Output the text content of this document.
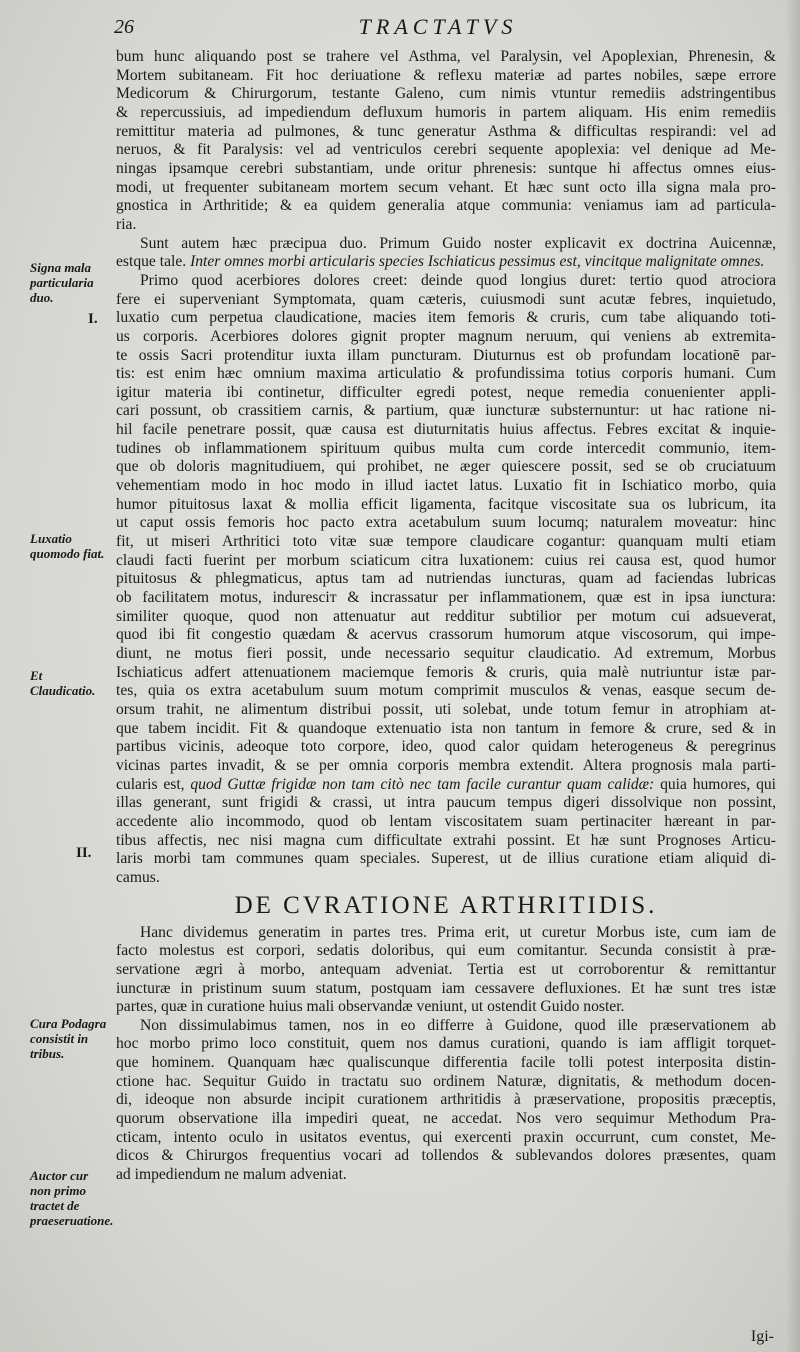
26	TRACTATVS
Signa mala particularia duo.
I.
Luxatio quomodo fiat.
Et Claudicatio.
II.
Cura Podagra consistit in tribus.
Auctor cur non primo tractet de praeseruatione.
bum hunc aliquando post se trahere vel Asthma, vel Paralysin, vel Apoplexian, Phrenesin, &
Mortem subitaneam. Fit hoc deriuatione & reflexu materiæ ad partes nobiles, sæpe errore
Medicorum & Chirurgorum, testante Galeno, cum nimis vtuntur remediis adstringentibus
& repercussiuis, ad impediendum defluxum humoris in partem aliquam. His enim remediis
remittitur materia ad pulmones, & tunc generatur Asthma & difficultas respirandi: vel ad
neruos, & fit Paralysis: vel ad ventriculos cerebri sequente apoplexia: vel denique ad Me-
ningas ipsamque cerebri substantiam, unde oritur phrenesis: suntque hi affectus omnes eius-
modi, ut frequenter subitaneam mortem secum vehant. Et hæc sunt octo illa signa mala pro-
gnostica in Arthritide; & ea quidem generalia atque communia: veniamus iam ad particula-
ria.
Sunt autem hæc præcipua duo. Primum Guido noster explicavit ex doctrina Auicennæ,
estque tale. Inter omnes morbi articularis species Ischiaticus pessimus est, vincitque malignitate omnes.
Primo quod acerbiores dolores creet: deinde quod longius duret: tertio quod atrociora
fere ei superveniant Symptomata, quam cæteris, cuiusmodi sunt acutæ febres, inquietudo,
luxatio cum perpetua claudicatione, macies item femoris & cruris, cum tabe aliquando toti-
us corporis. Acerbiores dolores gignit propter magnum neruum, qui veniens ab extremita-
te ossis Sacri protenditur iuxta illam puncturam. Diuturnus est ob profundam locationē par-
tis: est enim hæc omnium maxima articulatio & profundissima totius corporis humani. Cum
igitur materia ibi continetur, difficulter egredi potest, neque remedia conuenienter appli-
cari possunt, ob crassitiem carnis, & partium, quæ iuncturæ substernuntur: ut hac ratione ni-
hil facile penetrare possit, quæ causa est diuturnitatis huius affectus. Febres excitat & inquie-
tudines ob inflammationem spirituum quibus multa cum corde intercedit communio, item-
que ob doloris magnitudiuem, qui prohibet, ne æger quiescere possit, sed se ob cruciatuum
vehementiam modo in hoc modo in illud iactet latus. Luxatio fit in Ischiatico morbo, quia
humor pituitosus laxat & mollia efficit ligamenta, facitque viscositate sua os lubricum, ita
ut caput ossis femoris hoc pacto extra acetabulum suum locumq; naturalem moveatur: hinc
fit, ut miseri Arthritici toto vitæ suæ tempore claudicare cogantur: quanquam multi etiam
claudi facti fuerint per morbum sciaticum citra luxationem: cuius rei causa est, quod humor
pituitosus & phlegmaticus, aptus tam ad nutriendas iuncturas, quam ad faciendas lubricas
ob facilitatem motus, induresciт & incrassatur per inflammationem, quæ est in ipsa iunctura:
similiter quoque, quod non attenuatur aut redditur subtilior per motum cui adsueverat,
quod ibi fit congestio quædam & acervus crassorum humorum atque viscosorum, qui impe-
diunt, ne motus fieri possit, unde necessario sequitur claudicatio. Ad extremum, Morbus
Ischiaticus adfert attenuationem maciemque femoris & cruris, quia malè nutriuntur istæ par-
tes, quia os extra acetabulum suum motum comprimit musculos & venas, easque secum de-
orsum trahit, ne alimentum distribui possit, uti solebat, unde totum femur in atrophiam at-
que tabem incidit. Fit & quandoque extenuatio ista non tantum in femore & crure, sed & in
partibus vicinis, adeoque toto corpore, ideo, quod calor quidam heterogeneus & peregrinus
vicinas partes invadit, & se per omnia corporis membra extendit. Altera prognosis mala parti-
cularis est, quod Guttæ frigidæ non tam citò nec tam facile curantur quam calidæ: quia humores, qui
illas generant, sunt frigidi & crassi, ut intra paucum tempus digeri dissolvique non possint,
accedente alio incommodo, quod ob lentam viscositatem suam pertinaciter hæreant in par-
tibus affectis, nec nisi magna cum difficultate extrahi possint. Et hæ sunt Prognoses Articu-
laris morbi tam communes quam speciales. Superest, ut de illius curatione etiam aliquid di-
camus.
DE CVRATIONE ARTHRITIDIS.
Hanc dividemus generatim in partes tres. Prima erit, ut curetur Morbus iste, cum iam de
facto molestus est corpori, sedatis doloribus, qui eum comitantur. Secunda consistit à præ-
servatione ægri à morbo, antequam adveniat. Tertia est ut corroborentur & remittantur
iuncturæ in pristinum suum statum, postquam iam cessavere defluxiones. Et hæ sunt tres istæ
partes, quæ in curatione huius mali observandæ veniunt, ut ostendit Guido noster.
Non dissimulabimus tamen, nos in eo differre à Guidone, quod ille præservationem ab
hoc morbo primo loco constituit, quem nos damus curationi, quando is iam affligit torquet-
que hominem. Quanquam hæc qualiscunque differentia facile tolli potest interposita distin-
ctione hac. Sequitur Guido in tractatu suo ordinem Naturæ, dignitatis, & methodum docen-
di, ideoque non absurde incipit curationem arthritidis à præservatione, propositis præceptis,
quorum observatione illa impediri queat, ne accedat. Nos vero sequimur Methodum Pra-
cticam, intento oculo in usitatos eventus, qui exercenti praxin occurrunt, cum constet, Me-
dicos & Chirurgos frequentius vocari ad tollendos & sublevandos dolores præsentes, quam
ad impediendum ne malum adveniat.
Igi-
